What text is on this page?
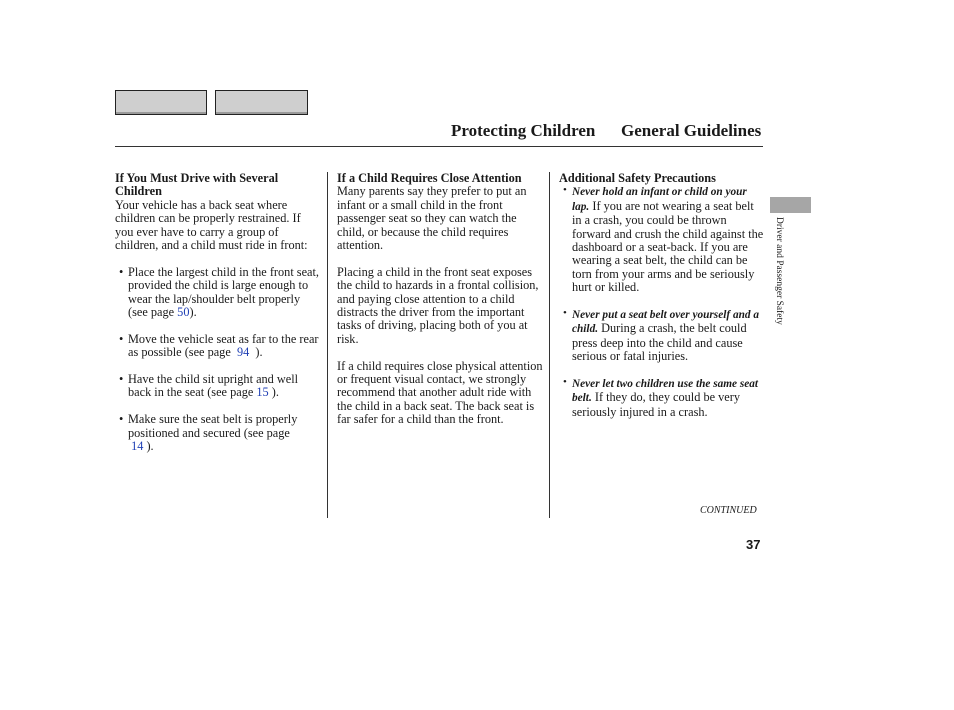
Protecting Children General Guidelines
If You Must Drive with Several Children

Your vehicle has a back seat where children can be properly restrained. If you ever have to carry a group of children, and a child must ride in front:

• Place the largest child in the front seat, provided the child is large enough to wear the lap/shoulder belt properly (see page 50).
• Move the vehicle seat as far to the rear as possible (see page 94 ).
• Have the child sit upright and well back in the seat (see page 15 ).
• Make sure the seat belt is properly positioned and secured (see page
14 ).
If a Child Requires Close Attention

Many parents say they prefer to put an infant or a small child in the front passenger seat so they can watch the child, or because the child requires attention.

Placing a child in the front seat exposes the child to hazards in a frontal collision, and paying close attention to a child distracts the driver from the important tasks of driving, placing both of you at risk.

If a child requires close physical attention or frequent visual contact, we strongly recommend that another adult ride with the child in a back seat. The back seat is far safer for a child than the front.

Additional Safety Precautions
• Never hold an infant or child on your lap. If you are not wearing a seat belt in a crash, you could be thrown forward and crush the child against the dashboard or a seat-back. If you are wearing a seat belt, the child can be torn from your arms and be seriously hurt or killed.
• Never put a seat belt over yourself and a child. During a crash, the belt could press deep into the child and cause serious or fatal injuries.
• Never let two children use the same seat belt. If they do, they could be very seriously injured in a crash.
CONTINUED
37
Driver and Passenger Safety
